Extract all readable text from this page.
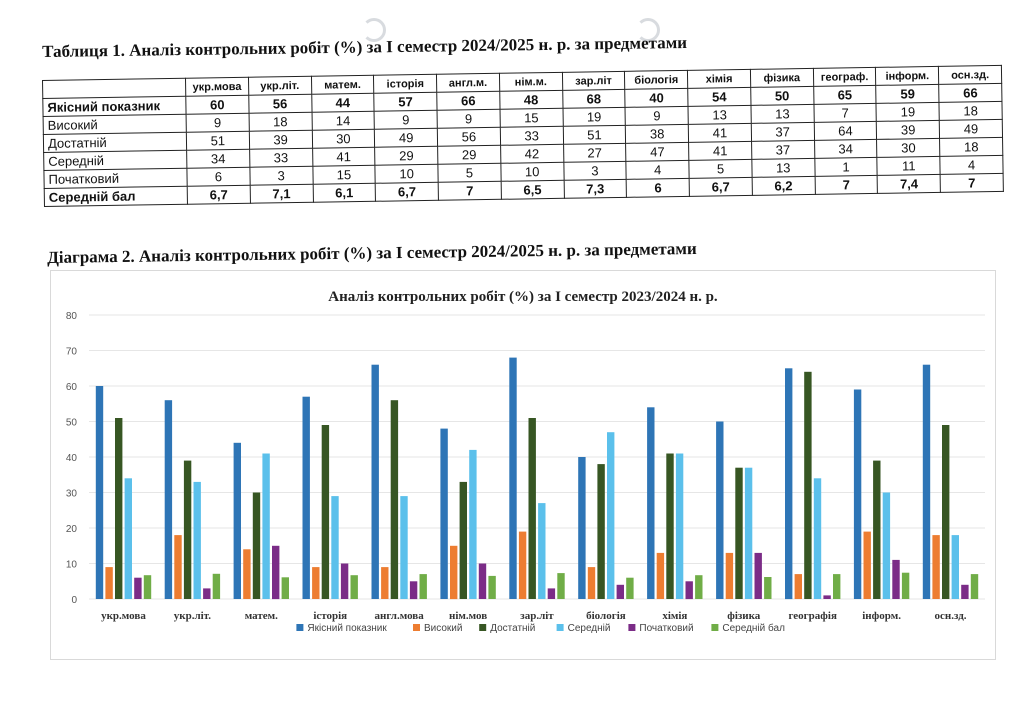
Таблиця 1. Аналіз контрольних робіт (%) за І семестр 2024/2025 н. р. за предметами
	укр.мова	укр.літ.	матем.	історія	англ.м.	нім.м.	зар.літ	біологія	хімія	фізика	географ.	інформ.	осн.зд.
Якісний показник	60	56	44	57	66	48	68	40	54	50	65	59	66
Високий	9	18	14	9	9	15	19	9	13	13	7	19	18
Достатній	51	39	30	49	56	33	51	38	41	37	64	39	49
Середній	34	33	41	29	29	42	27	47	41	37	34	30	18
Початковий	6	3	15	10	5	10	3	4	5	13	1	11	4
Середній бал	6,7	7,1	6,1	6,7	7	6,5	7,3	6	6,7	6,2	7	7,4	7
Діаграма 2. Аналіз контрольних робіт (%) за І семестр 2024/2025 н. р. за предметами
Аналіз контрольних робіт (%) за І семестр 2023/2024 н. р.
0
10
20
30
40
50
60
70
80
укр.мова	укр.літ.	матем.	історія англ.мова нім.мов	зар.літ	біологія	хімія	фізика	географія інформ.	осн.зд.
Якісний показник	Високий	Достатній	Середній	Початковий	Середній бал
